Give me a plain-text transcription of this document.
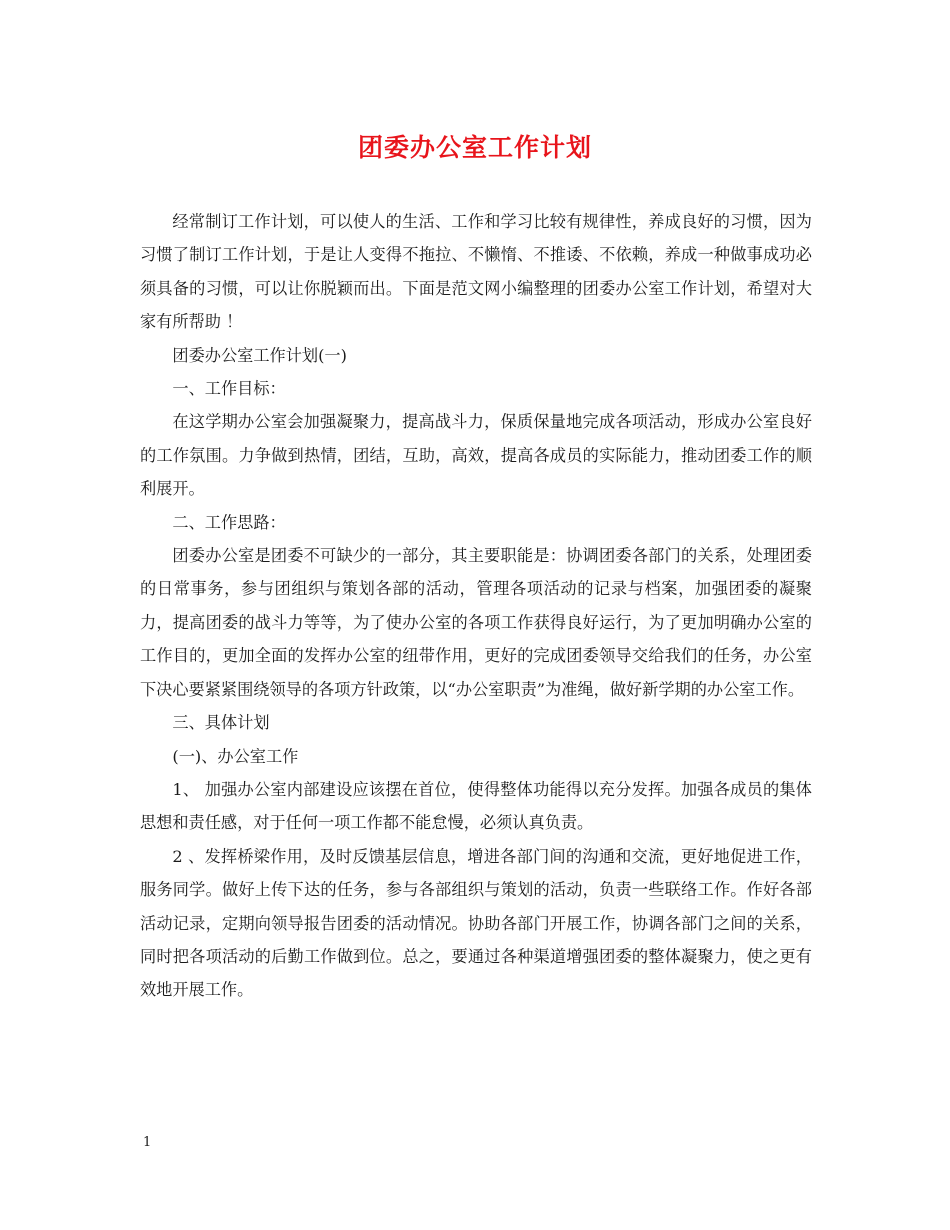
团委办公室工作计划

经常制订工作计划，可以使人的生活、工作和学习比较有规律性，养成良好的习惯，因为习惯了制订工作计划，于是让人变得不拖拉、不懒惰、不推诿、不依赖，养成一种做事成功必须具备的习惯，可以让你脱颖而出。下面是范文网小编整理的团委办公室工作计划，希望对大家有所帮助 ！

团委办公室工作计划(一)

一、工作目标：

在这学期办公室会加强凝聚力，提高战斗力，保质保量地完成各项活动，形成办公室良好的工作氛围。力争做到热情，团结，互助，高效，提高各成员的实际能力，推动团委工作的顺利展开。

二、工作思路：

团委办公室是团委不可缺少的一部分，其主要职能是：协调团委各部门的关系，处理团委的日常事务，参与团组织与策划各部的活动，管理各项活动的记录与档案，加强团委的凝聚力，提高团委的战斗力等等，为了使办公室的各项工作获得良好运行，为了更加明确办公室的工作目的，更加全面的发挥办公室的纽带作用，更好的完成团委领导交给我们的任务，办公室下决心要紧紧围绕领导的各项方针政策，以“办公室职责”为准绳，做好新学期的办公室工作。

三、具体计划

(一)、办公室工作

1、 加强办公室内部建设应该摆在首位，使得整体功能得以充分发挥。加强各成员的集体思想和责任感，对于任何一项工作都不能怠慢，必须认真负责。

2 、发挥桥梁作用，及时反馈基层信息，增进各部门间的沟通和交流，更好地促进工作，服务同学。做好上传下达的任务，参与各部组织与策划的活动，负责一些联络工作。作好各部活动记录，定期向领导报告团委的活动情况。协助各部门开展工作，协调各部门之间的关系，同时把各项活动的后勤工作做到位。总之，要通过各种渠道增强团委的整体凝聚力，使之更有效地开展工作。

1
